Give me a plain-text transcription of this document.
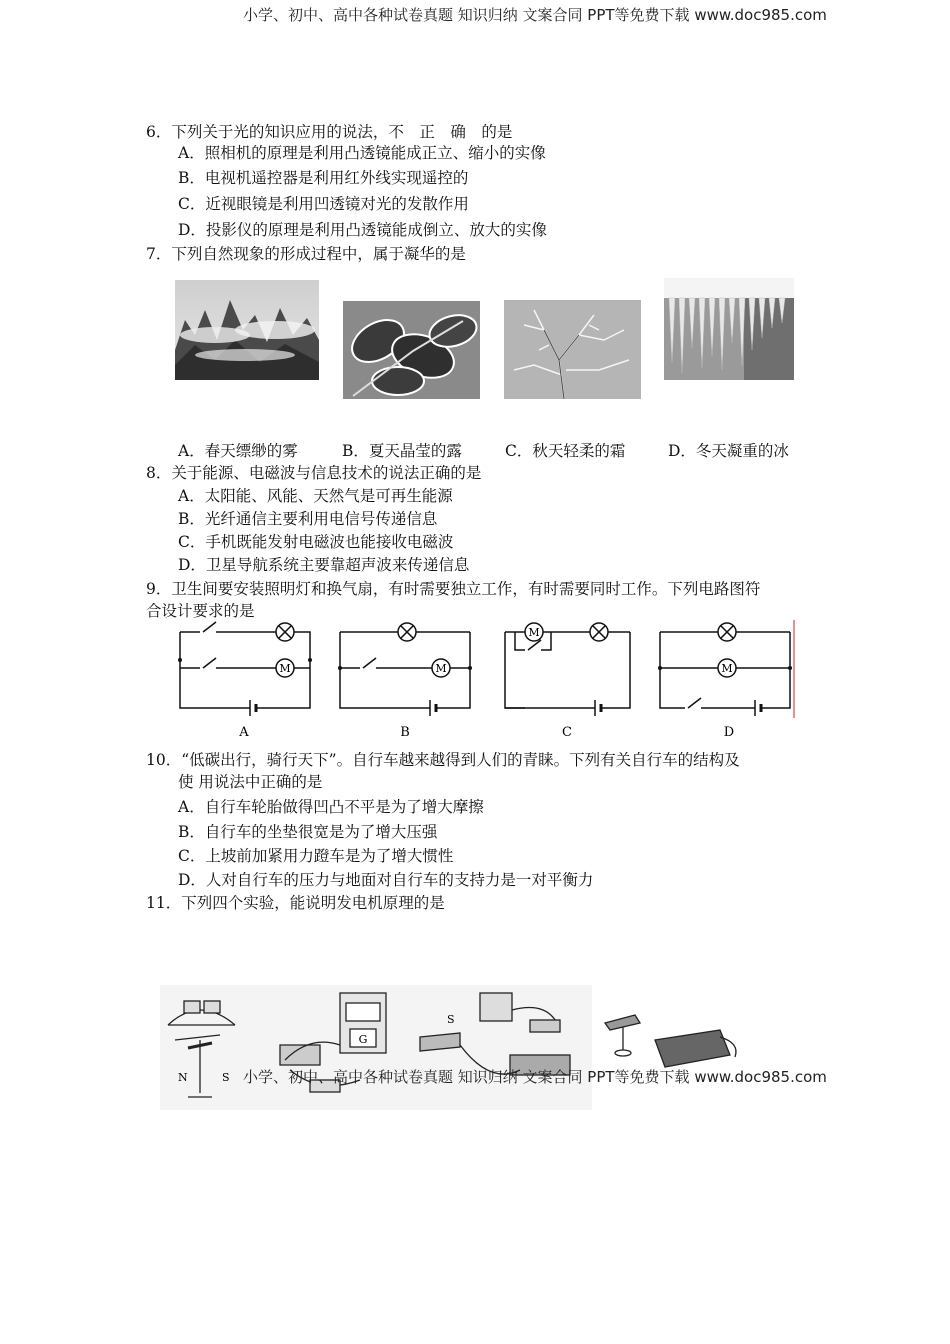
小学、初中、高中各种试卷真题 知识归纳 文案合同 PPT等免费下载 www.doc985.com
6．下列关于光的知识应用的说法，不　正　确　的是
A．照相机的原理是利用凸透镜能成正立、缩小的实像
B．电视机遥控器是利用红外线实现遥控的
C．近视眼镜是利用凹透镜对光的发散作用
D．投影仪的原理是利用凸透镜能成倒立、放大的实像
7．下列自然现象的形成过程中，属于凝华的是
A．春天缥缈的雾	B．夏天晶莹的露	C．秋天轻柔的霜	D．冬天凝重的冰
8．关于能源、电磁波与信息技术的说法正确的是
A．太阳能、风能、天然气是可再生能源
B．光纤通信主要利用电信号传递信息
C．手机既能发射电磁波也能接收电磁波
D．卫星导航系统主要靠超声波来传递信息
9．卫生间要安装照明灯和换气扇，有时需要独立工作，有时需要同时工作。下列电路图符
合设计要求的是
M	M
M
M
A	B	C	D
10．“低碳出行，骑行天下”。自行车越来越得到人们的青睐。下列有关自行车的结构及
使 用说法中正确的是
A．自行车轮胎做得凹凸不平是为了增大摩擦
B．自行车的坐垫很宽是为了增大压强
C．上坡前加紧用力蹬车是为了增大惯性
D．人对自行车的压力与地面对自行车的支持力是一对平衡力
11．下列四个实验，能说明发电机原理的是
N	S
G
S
小学、初中、高中各种试卷真题 知识归纳 文案合同 PPT等免费下载 www.doc985.com
